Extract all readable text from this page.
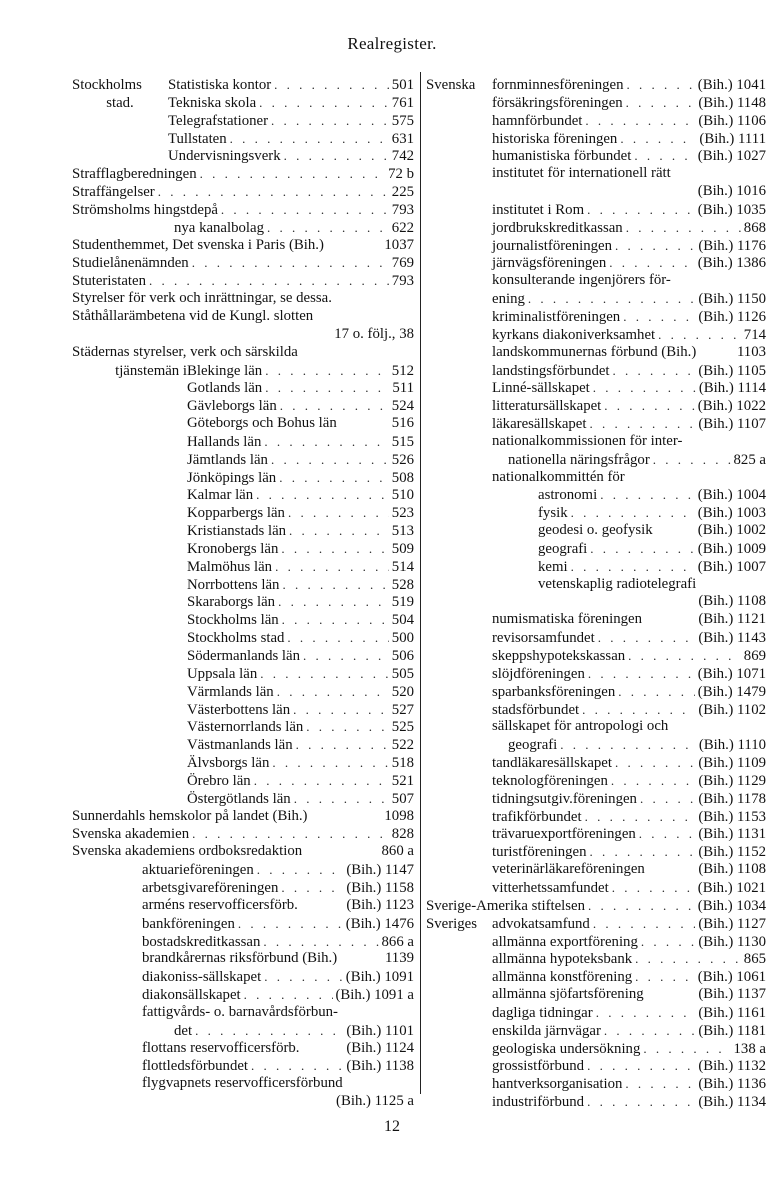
Realregister.
Stockholms	Statistiska kontor . . .	501
stad.	Tekniska skola . . .	761
Telegrafstationer . . .	575
Tullstaten . . .	631
Undervisningsverk . . .	742
Strafflagberedningen . . .	72 b
Straffängelser . . .	225
Strömsholms hingstdepå . . .	793
nya kanalbolag . . .	622
Studenthemmet, Det svenska i Paris (Bih.)	1037
Studielånenämnden . . .	769
Stuteristaten . . .	793
Styrelser för verk och inrättningar, se dessa.
Ståthållarämbetena vid de Kungl. slotten
17 o. följ., 38
Städernas styrelser, verk och särskilda
tjänstemän i Blekinge län . . .	512
Gotlands län . . .	511
Gävleborgs län . . .	524
Göteborgs och Bohus län	516
Hallands län . . .	515
Jämtlands län . . .	526
Jönköpings län . . .	508
Kalmar län . . .	510
Kopparbergs län . . .	523
Kristianstads län . . .	513
Kronobergs län . . .	509
Malmöhus län . . .	514
Norrbottens län . . .	528
Skaraborgs län . . .	519
Stockholms län . . .	504
Stockholms stad . . .	500
Södermanlands län . . .	506
Uppsala län . . .	505
Värmlands län . . .	520
Västerbottens län . . .	527
Västernorrlands län . . .	525
Västmanlands län . . .	522
Älvsborgs län . . .	518
Örebro län . . .	521
Östergötlands län . . .	507
Sunnerdahls hemskolor på landet (Bih.)	1098
Svenska akademien . . .	828
Svenska akademiens ordboksredaktion	860 a
aktuarieföreningen . . .	(Bih.) 1147
arbetsgivareföreningen . . .	(Bih.) 1158
arméns reservofficersförb.	(Bih.) 1123
bankföreningen . . .	(Bih.) 1476
bostadskreditkassan . . .	866 a
brandkårernas riksförbund (Bih.)	1139
diakoniss-sällskapet . . .	(Bih.) 1091
diakonsällskapet . . .	(Bih.) 1091 a
fattigvårds- o. barnavårdsförbun-
det . . .	(Bih.) 1101
flottans reservofficersförb.	(Bih.) 1124
flottledsförbundet . . .	(Bih.) 1138
flygvapnets reservofficersförbund
(Bih.) 1125 a
Svenska	fornminnesföreningen . . .	(Bih.) 1041
försäkringsföreningen . . .	(Bih.) 1148
hamnförbundet . . .	(Bih.) 1106
historiska föreningen . . .	(Bih.) 1111
humanistiska förbundet . . .	(Bih.) 1027
institutet för internationell rätt
(Bih.) 1016
institutet i Rom . . .	(Bih.) 1035
jordbrukskreditkassan . . .	868
journalistföreningen . . .	(Bih.) 1176
järnvägsföreningen . . .	(Bih.) 1386
konsulterande ingenjörers för-
ening . . .	(Bih.) 1150
kriminalistföreningen . . .	(Bih.) 1126
kyrkans diakoniverksamhet . . .	714
landskommunernas förbund (Bih.)	1103
landstingsförbundet . . .	(Bih.) 1105
Linné-sällskapet . . .	(Bih.) 1114
litteratursällskapet . . .	(Bih.) 1022
läkaresällskapet . . .	(Bih.) 1107
nationalkommissionen för inter-
nationella näringsfrågor . . .	825 a
nationalkommittén för
astronomi . . .	(Bih.) 1004
fysik . . .	(Bih.) 1003
geodesi o. geofysik	(Bih.) 1002
geografi . . .	(Bih.) 1009
kemi . . .	(Bih.) 1007
vetenskaplig radiotelegrafi
(Bih.) 1108
numismatiska föreningen	(Bih.) 1121
revisorsamfundet . . .	(Bih.) 1143
skeppshypotekskassan . . .	869
slöjdföreningen . . .	(Bih.) 1071
sparbanksföreningen . . .	(Bih.) 1479
stadsförbundet . . .	(Bih.) 1102
sällskapet för antropologi och
geografi . . .	(Bih.) 1110
tandläkaresällskapet . . .	(Bih.) 1109
teknologföreningen . . .	(Bih.) 1129
tidningsutgiv.föreningen . . .	(Bih.) 1178
trafikförbundet . . .	(Bih.) 1153
trävaruexportföreningen . . .	(Bih.) 1131
turistföreningen . . .	(Bih.) 1152
veterinärläkareföreningen	(Bih.) 1108
vitterhetssamfundet . . .	(Bih.) 1021
Sverige-Amerika stiftelsen . . .	(Bih.) 1034
Sveriges	advokatsamfund . . .	(Bih.) 1127
allmänna exportförening . . .	(Bih.) 1130
allmänna hypoteksbank . . .	865
allmänna konstförening . . .	(Bih.) 1061
allmänna sjöfartsförening	(Bih.) 1137
dagliga tidningar . . .	(Bih.) 1161
enskilda järnvägar . . .	(Bih.) 1181
geologiska undersökning . . .	138 a
grossistförbund . . .	(Bih.) 1132
hantverksorganisation . . .	(Bih.) 1136
industriförbund . . .	(Bih.) 1134
12
